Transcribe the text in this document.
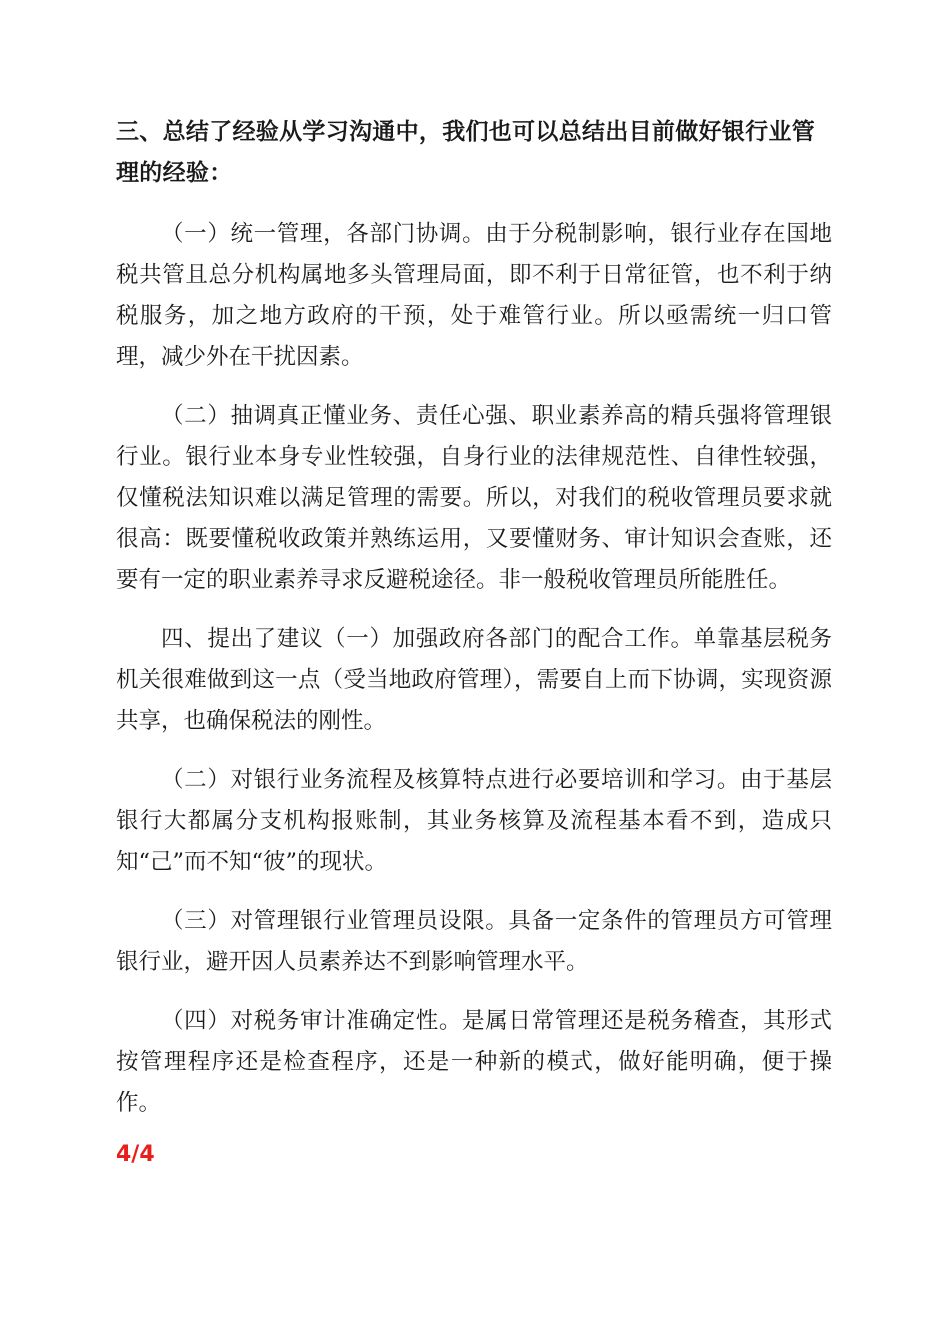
三、总结了经验从学习沟通中，我们也可以总结出目前做好银行业管理的经验：

（一）统一管理，各部门协调。由于分税制影响，银行业存在国地税共管且总分机构属地多头管理局面，即不利于日常征管，也不利于纳税服务，加之地方政府的干预，处于难管行业。所以亟需统一归口管理，减少外在干扰因素。

（二）抽调真正懂业务、责任心强、职业素养高的精兵强将管理银行业。银行业本身专业性较强，自身行业的法律规范性、自律性较强，仅懂税法知识难以满足管理的需要。所以，对我们的税收管理员要求就很高：既要懂税收政策并熟练运用，又要懂财务、审计知识会查账，还要有一定的职业素养寻求反避税途径。非一般税收管理员所能胜任。

四、提出了建议（一）加强政府各部门的配合工作。单靠基层税务机关很难做到这一点（受当地政府管理），需要自上而下协调，实现资源共享，也确保税法的刚性。

（二）对银行业务流程及核算特点进行必要培训和学习。由于基层银行大都属分支机构报账制，其业务核算及流程基本看不到，造成只知“己”而不知“彼”的现状。

（三）对管理银行业管理员设限。具备一定条件的管理员方可管理银行业，避开因人员素养达不到影响管理水平。

（四）对税务审计准确定性。是属日常管理还是税务稽查，其形式按管理程序还是检查程序，还是一种新的模式，做好能明确，便于操作。

4/4
